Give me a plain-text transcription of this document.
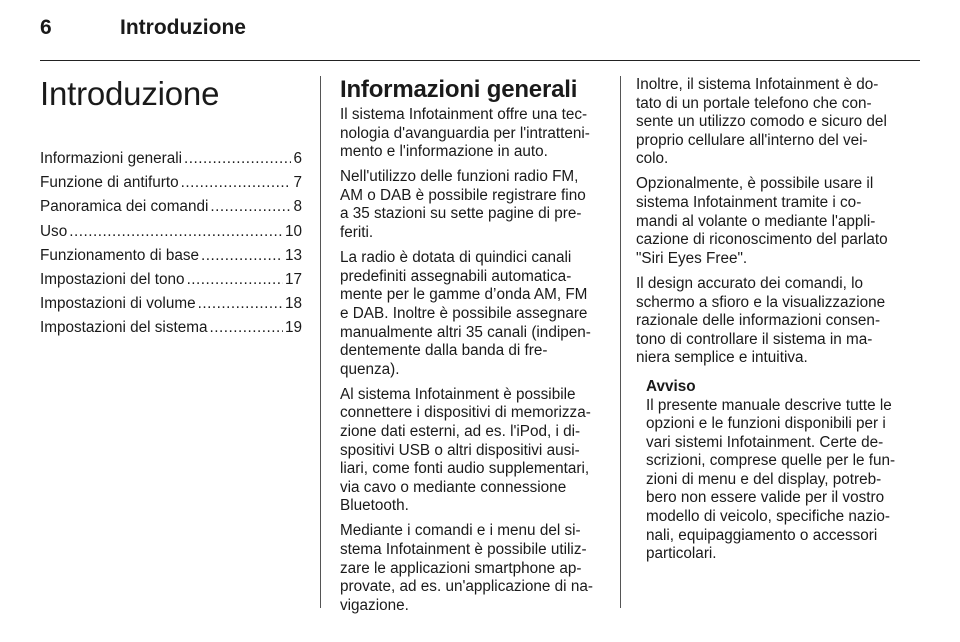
6	Introduzione
Introduzione
Informazioni generali .....	6
Funzione di antifurto .....	7
Panoramica dei comandi .....	8
Uso .....	10
Funzionamento di base .....	13
Impostazioni del tono .....	17
Impostazioni di volume .....	18
Impostazioni del sistema .....	19
Informazioni generali

Il sistema Infotainment offre una tec-
nologia d'avanguardia per l'intratteni-
mento e l'informazione in auto.

Nell'utilizzo delle funzioni radio FM,
AM o DAB è possibile registrare fino
a 35 stazioni su sette pagine di pre-
feriti.

La radio è dotata di quindici canali
predefiniti assegnabili automatica-
mente per le gamme d’onda AM, FM
e DAB. Inoltre è possibile assegnare
manualmente altri 35 canali (indipen-
dentemente dalla banda di fre-
quenza).

Al sistema Infotainment è possibile
connettere i dispositivi di memorizza-
zione dati esterni, ad es. l'iPod, i di-
spositivi USB o altri dispositivi ausi-
liari, come fonti audio supplementari,
via cavo o mediante connessione
Bluetooth.

Mediante i comandi e i menu del si-
stema Infotainment è possibile utiliz-
zare le applicazioni smartphone ap-
provate, ad es. un'applicazione di na-
vigazione.

Inoltre, il sistema Infotainment è do-
tato di un portale telefono che con-
sente un utilizzo comodo e sicuro del
proprio cellulare all'interno del vei-
colo.

Opzionalmente, è possibile usare il
sistema Infotainment tramite i co-
mandi al volante o mediante l'appli-
cazione di riconoscimento del parlato
"Siri Eyes Free".

Il design accurato dei comandi, lo
schermo a sfioro e la visualizzazione
razionale delle informazioni consen-
tono di controllare il sistema in ma-
niera semplice e intuitiva.

Avviso
Il presente manuale descrive tutte le
opzioni e le funzioni disponibili per i
vari sistemi Infotainment. Certe de-
scrizioni, comprese quelle per le fun-
zioni di menu e del display, potreb-
bero non essere valide per il vostro
modello di veicolo, specifiche nazio-
nali, equipaggiamento o accessori
particolari.
